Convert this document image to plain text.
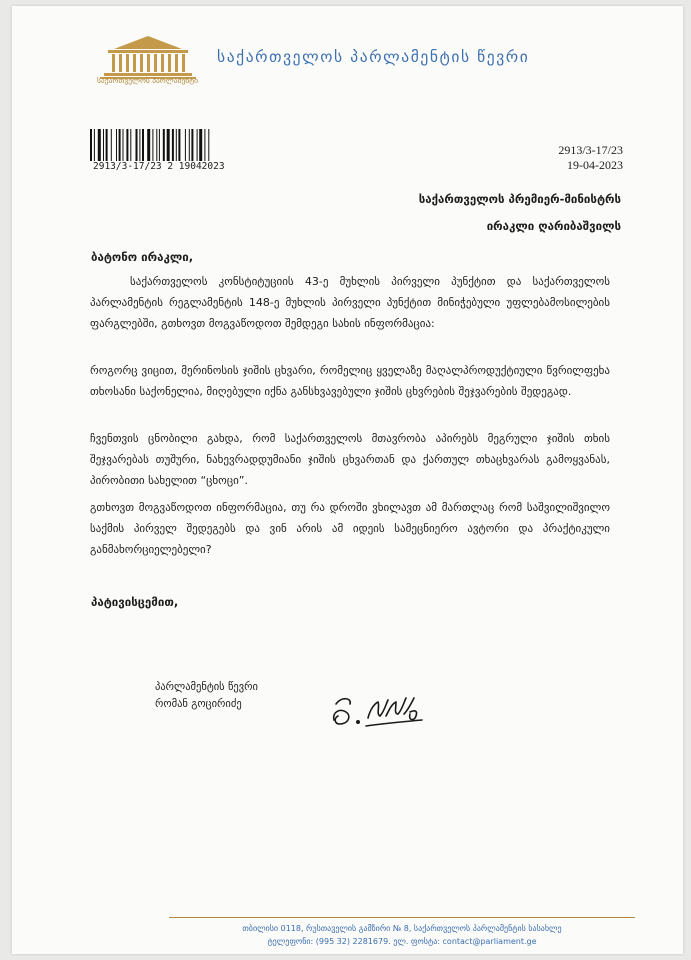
საქართველოს პარლამენტი
საქართველოს პარლამენტის წევრი
2913/3-17/23 2 19042023
2913/3-17/23
19-04-2023
საქართველოს პრემიერ-მინისტრს
ირაკლი ღარიბაშვილს
ბატონო ირაკლი,
საქართველოს კონსტიტუციის 43-ე მუხლის პირველი პუნქტით და საქართველოს პარლამენტის რეგლამენტის 148-ე მუხლის პირველი პუნქტით მინიჭებული უფლებამოსილების ფარგლებში, გთხოვთ მოგვაწოდოთ შემდეგი სახის ინფორმაცია:
როგორც ვიცით, მერინოსის ჯიშის ცხვარი, რომელიც ყველაზე მაღალპროდუქტიული წვრილფეხა თხოსანი საქონელია, მიღებული იქნა განსხვავებული ჯიშის ცხვრების შეჯვარების შედეგად.
ჩვენთვის ცნობილი გახდა, რომ საქართველოს მთავრობა აპირებს მეგრული ჯიშის თხის შეჯვარებას თუშური, ნახევრადდუმიანი ჯიშის ცხვართან და ქართულ თხაცხვარას გამოყვანას, პირობითი სახელით “ცხოცი”.
გთხოვთ მოგვაწოდოთ ინფორმაცია, თუ რა დროში ვხილავთ ამ მართლაც რომ საშვილიშვილო საქმის პირველ შედეგებს და ვინ არის ამ იდეის სამეცნიერო ავტორი და პრაქტიკული განმახორციელებელი?
პატივისცემით,
პარლამენტის წევრი
რომან გოცირიძე
თბილისი 0118, რუსთაველის გამზირი № 8, საქართველოს პარლამენტის სასახლე
ტელეფონი: (995 32) 2281679. ელ. ფოსტა: contact@parliament.ge
